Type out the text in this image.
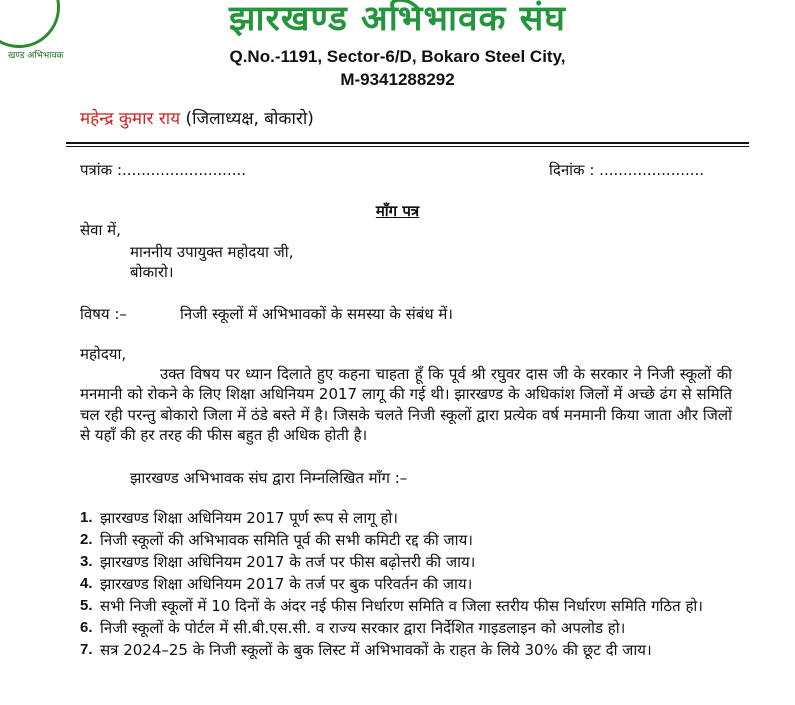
खण्ड अभिभावक
झारखण्ड अभिभावक संघ
Q.No.-1191, Sector-6/D, Bokaro Steel City,
M-9341288292
महेन्द्र कुमार राय (जिलाध्यक्ष, बोकारो)
पत्रांक :..........................	दिनांक : ......................
माँग पत्र
सेवा में,
माननीय उपायुक्त महोदया जी,
बोकारो।
विषय :–	निजी स्कूलों में अभिभावकों के समस्या के संबंध में।
महोदया,
उक्त विषय पर ध्यान दिलाते हुए कहना चाहता हूँ कि पूर्व श्री रघुवर दास जी के सरकार ने निजी स्कूलों की मनमानी को रोकने के लिए शिक्षा अधिनियम 2017 लागू की गई थी। झारखण्ड के अधिकांश जिलों में अच्छे ढंग से समिति चल रही परन्तु बोकारो जिला में ठंडे बस्ते में है। जिसके चलते निजी स्कूलों द्वारा प्रत्येक वर्ष मनमानी किया जाता और जिलों से यहाँ की हर तरह की फीस बहुत ही अधिक होती है।
झारखण्ड अभिभावक संघ द्वारा निम्नलिखित माँग :–
1. झारखण्ड शिक्षा अधिनियम 2017 पूर्ण रूप से लागू हो।
2. निजी स्कूलों की अभिभावक समिति पूर्व की सभी कमिटी रद्द की जाय।
3. झारखण्ड शिक्षा अधिनियम 2017 के तर्ज पर फीस बढ़ोत्तरी की जाय।
4. झारखण्ड शिक्षा अधिनियम 2017 के तर्ज पर बुक परिवर्तन की जाय।
5. सभी निजी स्कूलों में 10 दिनों के अंदर नई फीस निर्धारण समिति व जिला स्तरीय फीस निर्धारण समिति गठित हो।
6. निजी स्कूलों के पोर्टल में सी.बी.एस.सी. व राज्य सरकार द्वारा निर्देशित गाइडलाइन को अपलोड हो।
7. सत्र 2024–25 के निजी स्कूलों के बुक लिस्ट में अभिभावकों के राहत के लिये 30% की छूट दी जाय।
